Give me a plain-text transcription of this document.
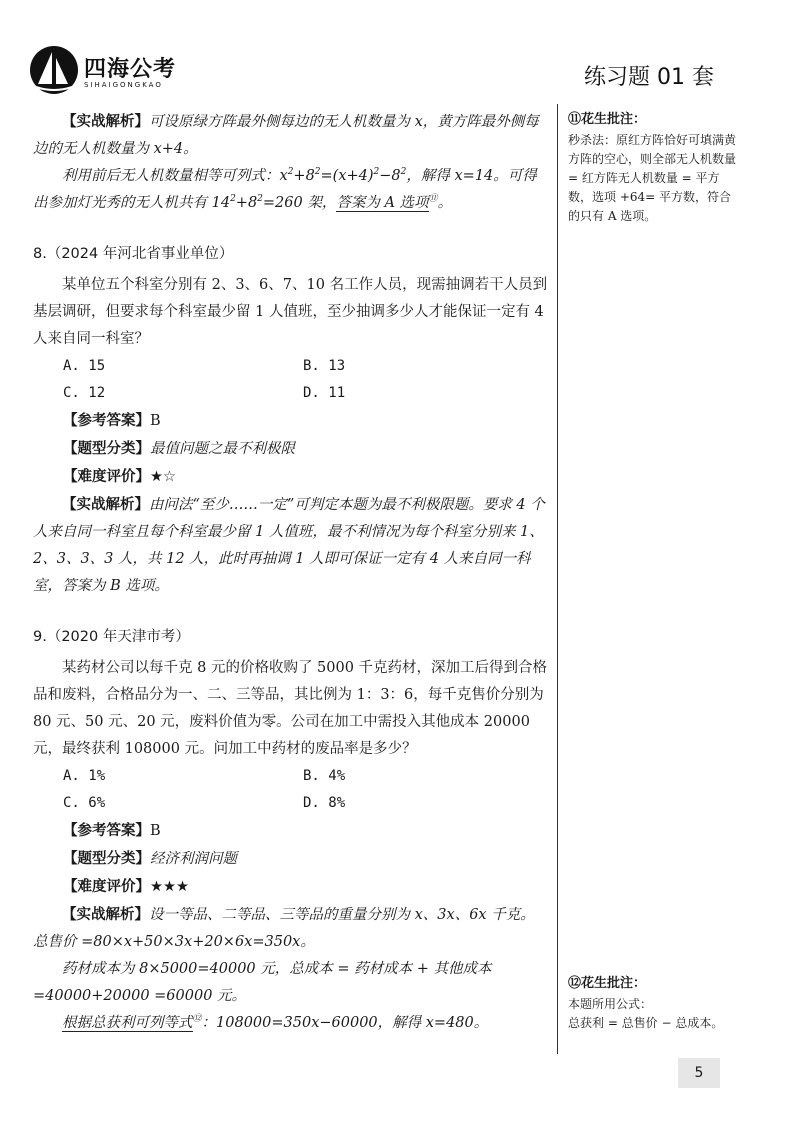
四海公考
SIHAIGONGKAO	练习题 01 套

【实战解析】可设原绿方阵最外侧每边的无人机数量为 x，黄方阵最外侧每边的无人机数量为 x+4。

利用前后无人机数量相等可列式：$x^2+8^2=(x+4)^2-8^2$，解得 x=14。可得出参加灯光秀的无人机共有 $14^2+8^2=260$ 架，答案为 A 选项⑪。

8.（2024 年河北省事业单位）

某单位五个科室分别有 2、3、6、7、10 名工作人员，现需抽调若干人员到基层调研，但要求每个科室最少留 1 人值班，至少抽调多少人才能保证一定有 4 人来自同一科室？

A. 15	B. 13
C. 12	D. 11

【参考答案】B

【题型分类】最值问题之最不利极限

【难度评价】★☆

【实战解析】由问法“至少……一定”可判定本题为最不利极限题。要求 4 个人来自同一科室且每个科室最少留 1 人值班，最不利情况为每个科室分别来 1、2、3、3、3 人，共 12 人，此时再抽调 1 人即可保证一定有 4 人来自同一科室，答案为 B 选项。

9.（2020 年天津市考）

某药材公司以每千克 8 元的价格收购了 5000 千克药材，深加工后得到合格品和废料，合格品分为一、二、三等品，其比例为 1：3：6，每千克售价分别为 80 元、50 元、20 元，废料价值为零。公司在加工中需投入其他成本 20000 元，最终获利 108000 元。问加工中药材的废品率是多少？

A. 1%	B. 4%
C. 6%	D. 8%

【参考答案】B

【题型分类】经济利润问题

【难度评价】★★★

【实战解析】设一等品、二等品、三等品的重量分别为 x、3x、6x 千克。总售价 =80×x+50×3x+20×6x=350x。

药材成本为 8×5000=40000 元，总成本 = 药材成本 + 其他成本 =40000+20000 =60000 元。

根据总获利可列等式⑫：108000=350x−60000，解得 x=480。

⑪花生批注：

秒杀法：原红方阵恰好可填满黄方阵的空心，则全部无人机数量 = 红方阵无人机数量 = 平方数，选项 +64= 平方数，符合的只有 A 选项。

⑫花生批注：

本题所用公式：

总获利 = 总售价 − 总成本。

5
